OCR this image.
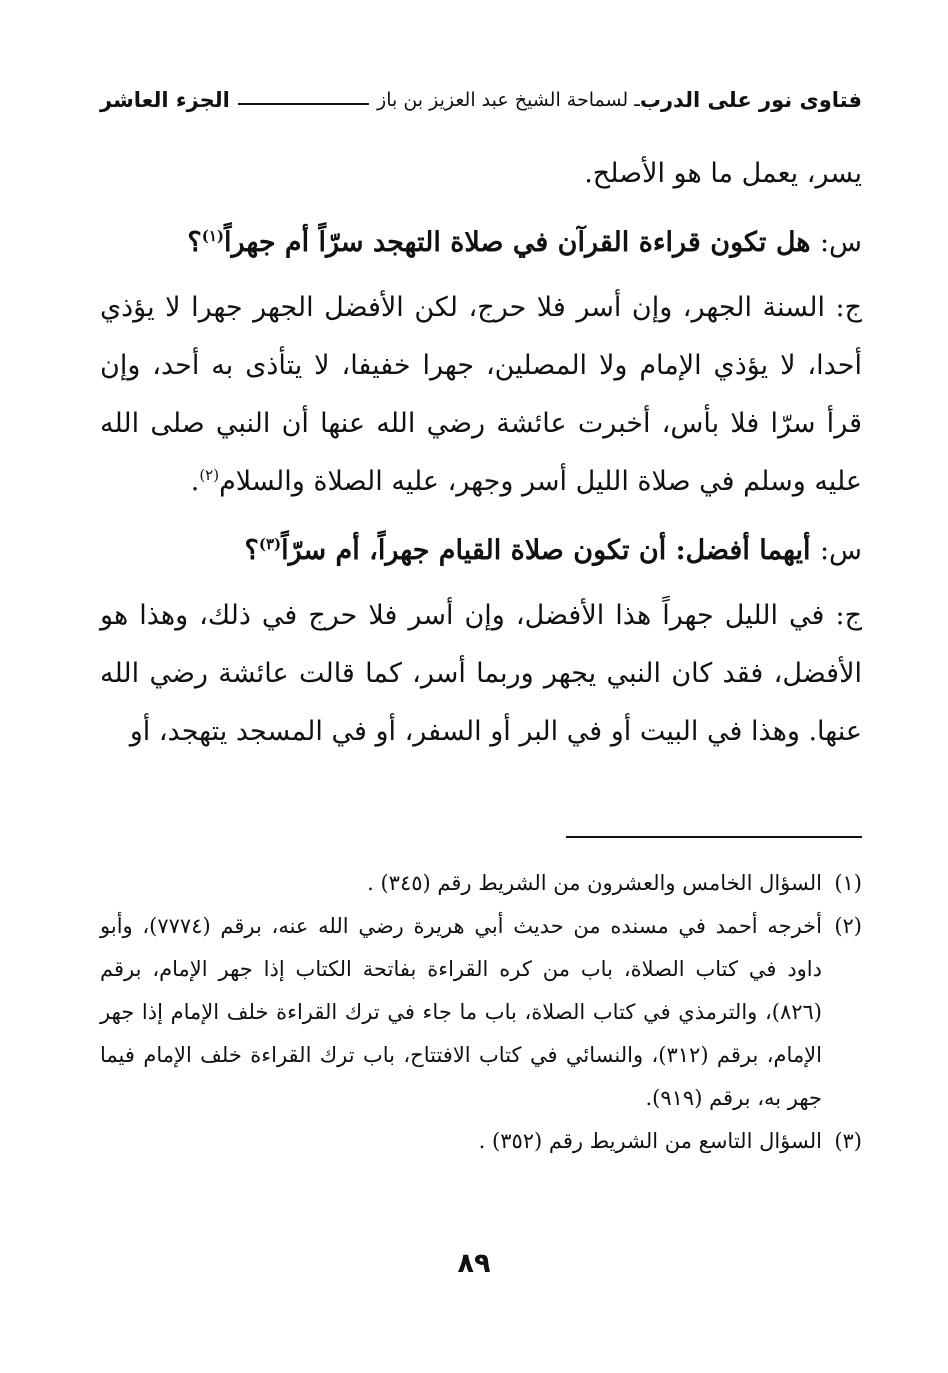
فتاوى نور على الدرب
ـ لسماحة الشيخ عبد العزيز بن باز
الجزء العاشر

يسر، يعمل ما هو الأصلح.

س: هل تكون قراءة القرآن في صلاة التهجد سرّاً أم جهراً$^{(١)}$؟

ج: السنة الجهر، وإن أسر فلا حرج، لكن الأفضل الجهر جهرا لا يؤذي أحدا، لا يؤذي الإمام ولا المصلين، جهرا خفيفا، لا يتأذى به أحد، وإن قرأ سرّا فلا بأس، أخبرت عائشة رضي الله عنها أن النبي صلى الله عليه وسلم في صلاة الليل أسر وجهر، عليه الصلاة والسلام$^{(٢)}$.

س: أيهما أفضل: أن تكون صلاة القيام جهراً، أم سرّاً$^{(٣)}$؟

ج: في الليل جهراً هذا الأفضل، وإن أسر فلا حرج في ذلك، وهذا هو الأفضل، فقد كان النبي يجهر وربما أسر، كما قالت عائشة رضي الله عنها. وهذا في البيت أو في البر أو السفر، أو في المسجد يتهجد، أو

(١)
السؤال الخامس والعشرون من الشريط رقم (٣٤٥) .

(٢)
أخرجه أحمد في مسنده من حديث أبي هريرة رضي الله عنه، برقم (٧٧٧٤)، وأبو داود في كتاب الصلاة، باب من كره القراءة بفاتحة الكتاب إذا جهر الإمام، برقم (٨٢٦)، والترمذي في كتاب الصلاة، باب ما جاء في ترك القراءة خلف الإمام إذا جهر الإمام، برقم (٣١٢)، والنسائي في كتاب الافتتاح، باب ترك القراءة خلف الإمام فيما جهر به، برقم (٩١٩).

(٣)
السؤال التاسع من الشريط رقم (٣٥٢) .

٨٩
